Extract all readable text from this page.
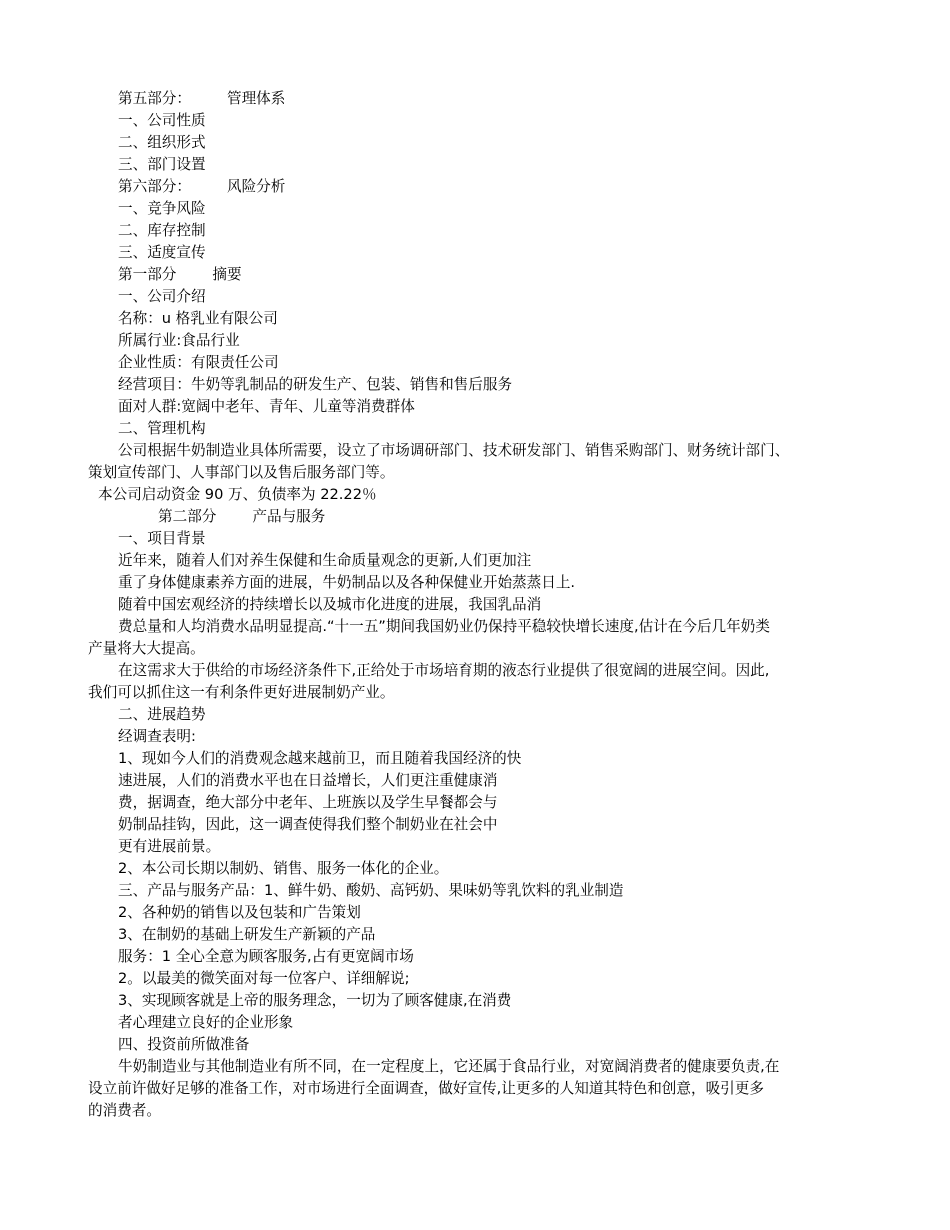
第五部分： 管理体系
一、公司性质
二、组织形式
三、部门设置
第六部分： 风险分析
一、竞争风险
二、库存控制
三、适度宣传
第一部分 摘要
一、公司介绍
名称：u 格乳业有限公司
所属行业:食品行业
企业性质：有限责任公司
经营项目：牛奶等乳制品的研发生产、包装、销售和售后服务
面对人群:宽阔中老年、青年、儿童等消费群体
二、管理机构
公司根据牛奶制造业具体所需要，设立了市场调研部门、技术研发部门、销售采购部门、财务统计部门、
策划宣传部门、人事部门以及售后服务部门等。
本公司启动资金 90 万、负债率为 22.22％
第二部分 产品与服务
一、项目背景
近年来，随着人们对养生保健和生命质量观念的更新,人们更加注
重了身体健康素养方面的进展，牛奶制品以及各种保健业开始蒸蒸日上.
随着中国宏观经济的持续增长以及城市化进度的进展，我国乳品消
费总量和人均消费水品明显提高.“十一五”期间我国奶业仍保持平稳较快增长速度,估计在今后几年奶类
产量将大大提高。
在这需求大于供给的市场经济条件下,正给处于市场培育期的液态行业提供了很宽阔的进展空间。因此,
我们可以抓住这一有利条件更好进展制奶产业。
二、进展趋势
经调查表明:
1、现如今人们的消费观念越来越前卫，而且随着我国经济的快
速进展，人们的消费水平也在日益增长，人们更注重健康消
费，据调查，绝大部分中老年、上班族以及学生早餐都会与
奶制品挂钩，因此，这一调查使得我们整个制奶业在社会中
更有进展前景。
2、本公司长期以制奶、销售、服务一体化的企业。
三、产品与服务产品：1、鲜牛奶、酸奶、高钙奶、果味奶等乳饮料的乳业制造
2、各种奶的销售以及包装和广告策划
3、在制奶的基础上研发生产新颖的产品
服务：1 全心全意为顾客服务,占有更宽阔市场
2。以最美的微笑面对每一位客户、详细解说;
3、实现顾客就是上帝的服务理念，一切为了顾客健康,在消费
者心理建立良好的企业形象
四、投资前所做准备
牛奶制造业与其他制造业有所不同，在一定程度上，它还属于食品行业，对宽阔消费者的健康要负责,在
设立前许做好足够的准备工作，对市场进行全面调查，做好宣传,让更多的人知道其特色和创意，吸引更多
的消费者。
